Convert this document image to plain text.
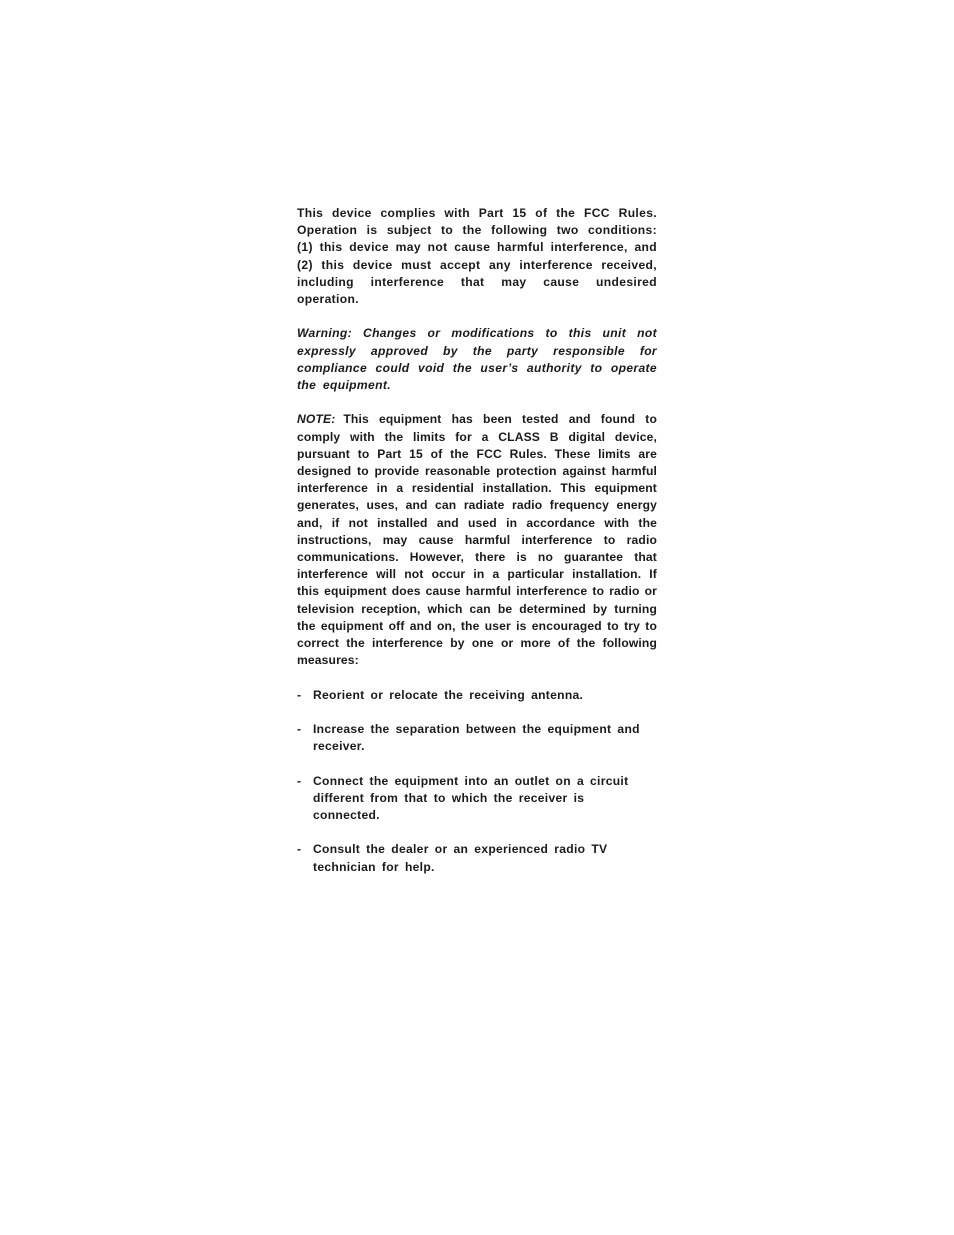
This device complies with Part 15 of the FCC Rules. Operation is subject to the following two conditions: (1) this device may not cause harmful interference, and (2) this device must accept any interference received, including interference that may cause undesired operation.

Warning: Changes or modifications to this unit not expressly approved by the party responsible for compliance could void the user’s authority to operate the equipment.

NOTE: This equipment has been tested and found to comply with the limits for a CLASS B digital device, pursuant to Part 15 of the FCC Rules. These limits are designed to provide reasonable protection against harmful interference in a residential installation. This equipment generates, uses, and can radiate radio frequency energy and, if not installed and used in accordance with the instructions, may cause harmful interference to radio communications. However, there is no guarantee that interference will not occur in a particular installation. If this equipment does cause harmful interference to radio or television reception, which can be determined by turning the equipment off and on, the user is encouraged to try to correct the interference by one or more of the following measures:

- Reorient or relocate the receiving antenna.
- Increase the separation between the equipment and receiver.
- Connect the equipment into an outlet on a circuit different from that to which the receiver is connected.
- Consult the dealer or an experienced radio TV technician for help.
